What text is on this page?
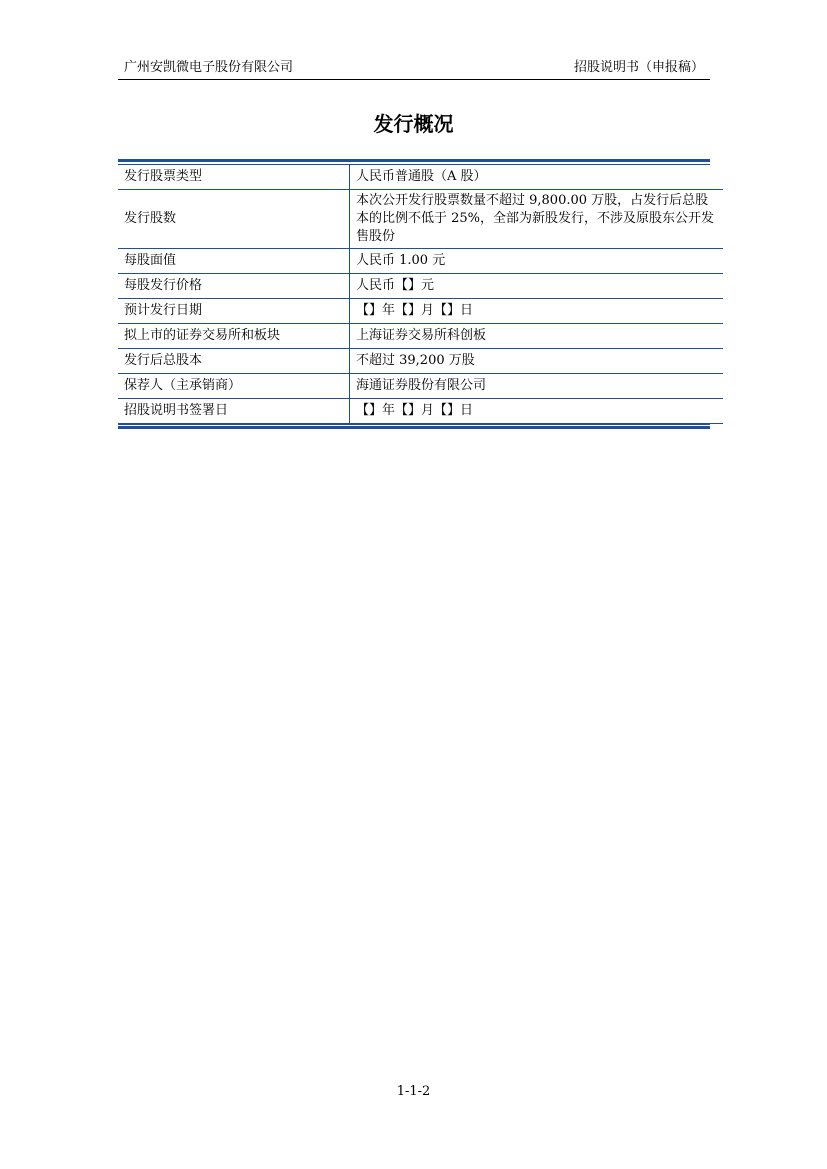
广州安凯微电子股份有限公司	招股说明书（申报稿）
发行概况
发行股票类型	人民币普通股（A 股）
发行股数	本次公开发行股票数量不超过 9,800.00 万股，占发行后总股本的比例不低于 25%，全部为新股发行，不涉及原股东公开发售股份
每股面值	人民币 1.00 元
每股发行价格	人民币【】元
预计发行日期	【】年【】月【】日
拟上市的证券交易所和板块	上海证券交易所科创板
发行后总股本	不超过 39,200 万股
保荐人（主承销商）	海通证券股份有限公司
招股说明书签署日	【】年【】月【】日
1-1-2
